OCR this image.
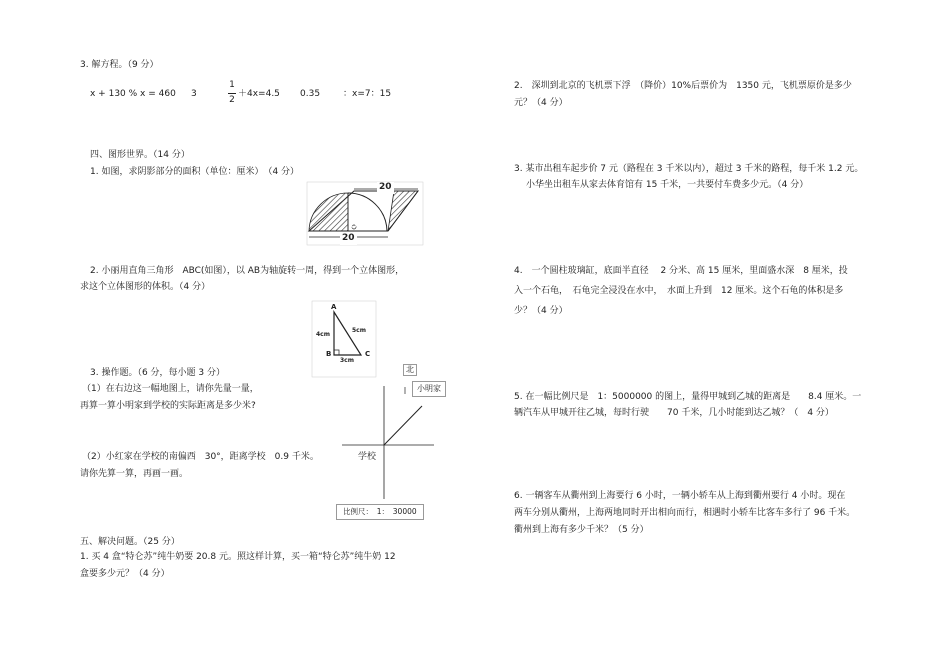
3. 解方程。（9 分）
x + 130 % x = 460 3
1
2
＋4x=4.5 0.35	：x=7：15
四、图形世界。（14 分）
1. 如图，求阴影部分的面积（单位：厘米）　（4 分）
20
20
O
2. 小丽用直角三角形　ABC(如图），以 AB为轴旋转一周，得到一个立体图形，
求这个立体图形的体积。（4 分）
A
B	C
4cm
5cm
3cm
3. 操作题。（6 分，每小题 3 分）
（1）在右边这一幅地图上，请你先量一量，
再算一算小明家到学校的实际距离是多少米?
（2）小红家在学校的南偏西　30°，距离学校　0.9 千米。
请你先算一算，再画一画。
北
小明家
学校
比例尺：　1：　30000
五、解决问题。（25 分）
1. 买 4 盒“特仑苏”纯牛奶要 20.8 元。照这样计算，买一箱“特仑苏”纯牛奶 12
盒要多少元？（4 分）
2.　深圳到北京的飞机票下浮　（降价）10%后票价为　1350 元，飞机票原价是多少
元？（4 分）
3. 某市出租车起步价 7 元（路程在 3 千米以内），超过 3 千米的路程，每千米 1.2 元。
小华坐出租车从家去体育馆有 15 千米，一共要付车费多少元。（4 分）
4.　一个圆柱玻璃缸，底面半直径　 2 分米、高 15 厘米，里面盛水深　8 厘米，投
入一个石龟，　石龟完全浸没在水中，　水面上升到　12 厘米。这个石龟的体积是多
少？（4 分）
5. 在一幅比例尺是　1：5000000 的图上，量得甲城到乙城的距离是　　8.4 厘米。一
辆汽车从甲城开往乙城，每时行驶　　70 千米，几小时能到达乙城？（　4 分）
6. 一辆客车从衢州到上海要行 6 小时，一辆小轿车从上海到衢州要行 4 小时。现在
两车分别从衢州，上海两地同时开出相向而行，相遇时小轿车比客车多行了 96 千米。
衢州到上海有多少千米？（5 分）
